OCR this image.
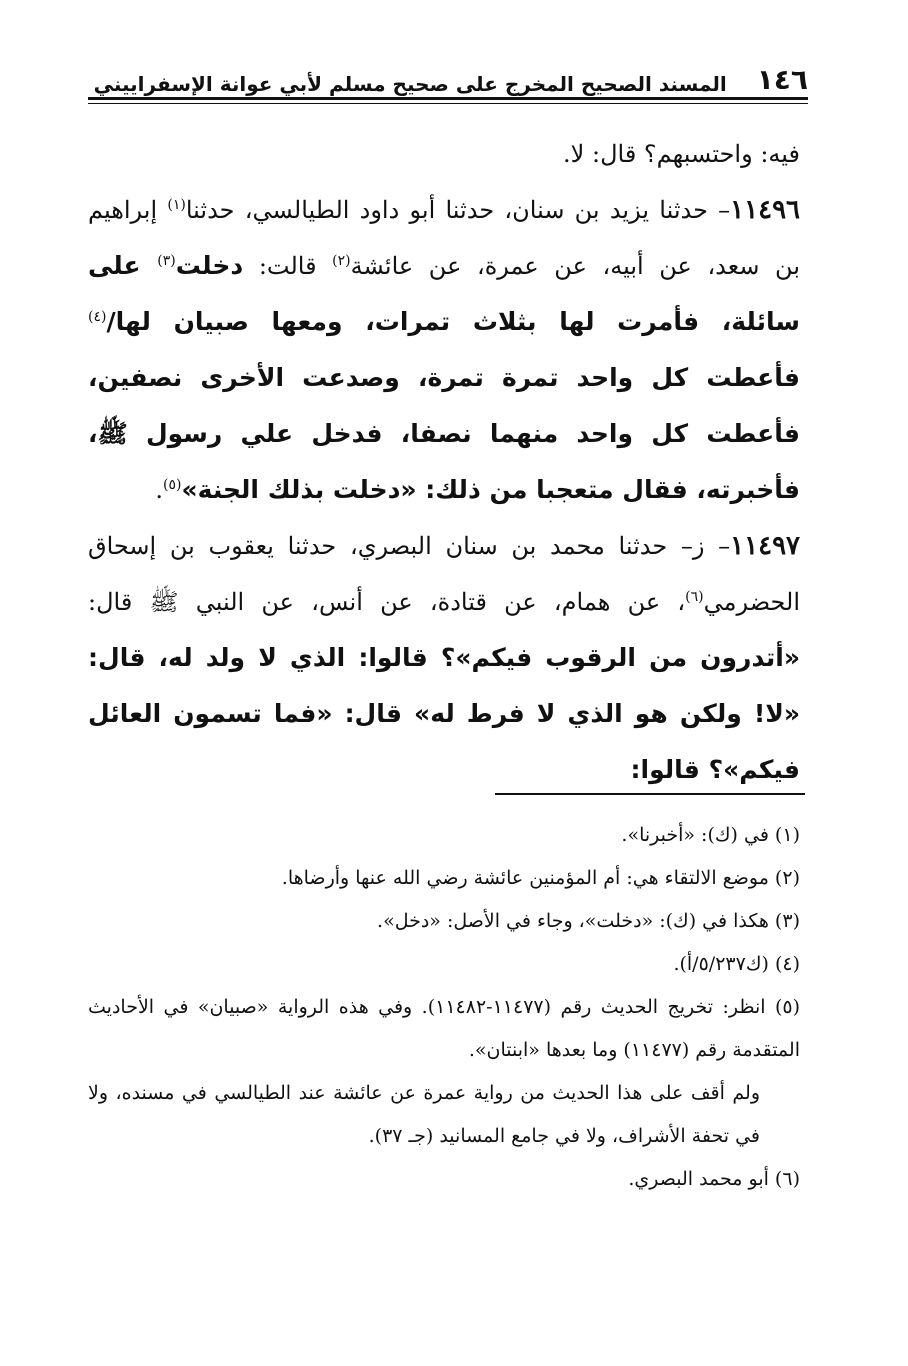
١٤٦
المسند الصحيح المخرج على صحيح مسلم لأبي عوانة الإسفراييني

فيه: واحتسبهم؟ قال: لا.

١١٤٩٦– حدثنا يزيد بن سنان، حدثنا أبو داود الطيالسي، حدثنا$^{(١)}$ إبراهيم بن سعد، عن أبيه، عن عمرة، عن عائشة$^{(٢)}$ قالت: دخلت$^{(٣)}$ على سائلة، فأمرت لها بثلاث تمرات، ومعها صبيان لها/$^{(٤)}$ فأعطت كل واحد تمرة تمرة، وصدعت الأخرى نصفين، فأعطت كل واحد منهما نصفا، فدخل علي رسول ﷺ، فأخبرته، فقال متعجبا من ذلك: «دخلت بذلك الجنة»$^{(٥)}$.

١١٤٩٧– ز– حدثنا محمد بن سنان البصري، حدثنا يعقوب بن إسحاق الحضرمي$^{(٦)}$، عن همام، عن قتادة، عن أنس، عن النبي ﷺ قال: «أتدرون من الرقوب فيكم»؟ قالوا: الذي لا ولد له، قال: «لا! ولكن هو الذي لا فرط له» قال: «فما تسمون العائل فيكم»؟ قالوا:

(١) في (ك): «أخبرنا».

(٢) موضع الالتقاء هي: أم المؤمنين عائشة رضي الله عنها وأرضاها.

(٣) هكذا في (ك): «دخلت»، وجاء في الأصل: «دخل».

(٤) (ك٥/٢٣٧/أ).

(٥) انظر: تخريج الحديث رقم (١١٤٧٧-١١٤٨٢). وفي هذه الرواية «صبيان» في الأحاديث المتقدمة رقم (١١٤٧٧) وما بعدها «ابنتان».

ولم أقف على هذا الحديث من رواية عمرة عن عائشة عند الطيالسي في مسنده، ولا في تحفة الأشراف، ولا في جامع المسانيد (جـ ٣٧).

(٦) أبو محمد البصري.
